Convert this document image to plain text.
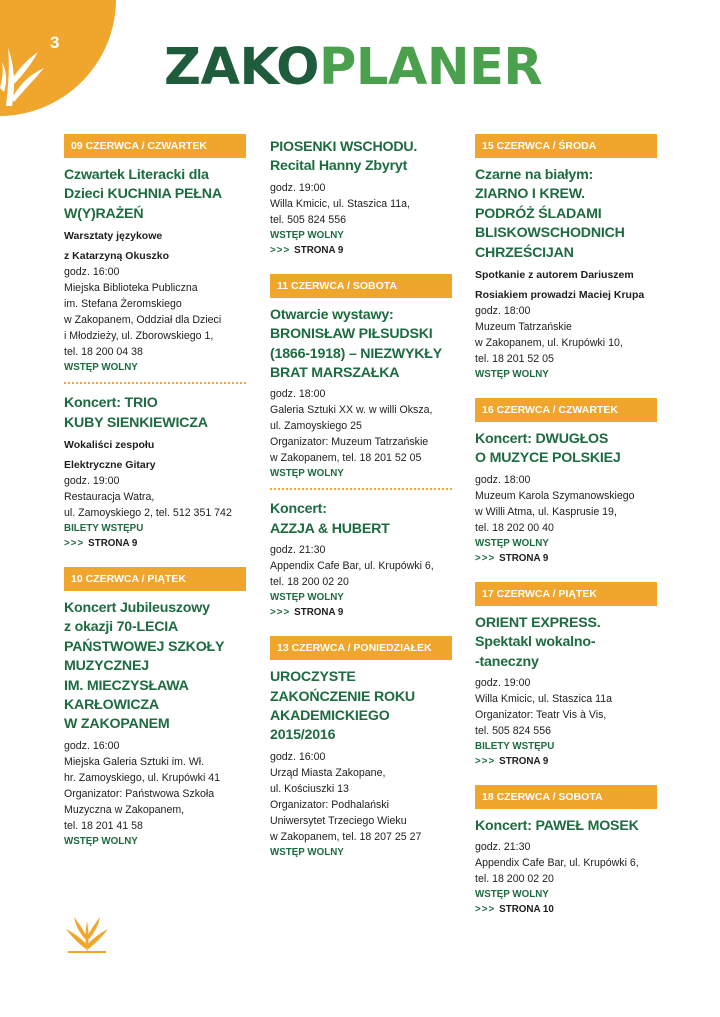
3 ZAKOPLANER
09 CZERWCA / CZWARTEK
Czwartek Literacki dla
Dzieci KUCHNIA PEŁNA
W(Y)RAŻEŃ
Warsztaty językowe
z Katarzyną Okuszko
godz. 16:00
Miejska Biblioteka Publiczna
im. Stefana Żeromskiego
w Zakopanem, Oddział dla Dzieci
i Młodzieży, ul. Zborowskiego 1,
tel. 18 200 04 38
WSTĘP WOLNY
Koncert: TRIO
KUBY SIENKIEWICZA
Wokaliści zespołu
Elektryczne Gitary
godz. 19:00
Restauracja Watra,
ul. Zamoyskiego 2, tel. 512 351 742
BILETY WSTĘPU
>>> STRONA 9
10 CZERWCA / PIĄTEK
Koncert Jubileuszowy
z okazji 70-LECIA
PAŃSTWOWEJ SZKOŁY
MUZYCZNEJ
IM. MIECZYSŁAWA
KARŁOWICZA
W ZAKOPANEM
godz. 16:00
Miejska Galeria Sztuki im. Wł.
hr. Zamoyskiego, ul. Krupówki 41
Organizator: Państwowa Szkoła
Muzyczna w Zakopanem,
tel. 18 201 41 58
WSTĘP WOLNY
PIOSENKI WSCHODU.
Recital Hanny Zbyryt
godz. 19:00
Willa Kmicic, ul. Staszica 11a,
tel. 505 824 556
WSTĘP WOLNY
>>> STRONA 9
11 CZERWCA / SOBOTA
Otwarcie wystawy:
BRONISŁAW PIŁSUDSKI
(1866-1918) – NIEZWYKŁY
BRAT MARSZAŁKA
godz. 18:00
Galeria Sztuki XX w. w willi Oksza,
ul. Zamoyskiego 25
Organizator: Muzeum Tatrzańskie
w Zakopanem, tel. 18 201 52 05
WSTĘP WOLNY
Koncert:
AZZJA & HUBERT
godz. 21:30
Appendix Cafe Bar, ul. Krupówki 6,
tel. 18 200 02 20
WSTĘP WOLNY
>>> STRONA 9
13 CZERWCA / PONIEDZIAŁEK
UROCZYSTE
ZAKOŃCZENIE ROKU
AKADEMICKIEGO
2015/2016
godz. 16:00
Urząd Miasta Zakopane,
ul. Kościuszki 13
Organizator: Podhalański
Uniwersytet Trzeciego Wieku
w Zakopanem, tel. 18 207 25 27
WSTĘP WOLNY
15 CZERWCA / ŚRODA
Czarne na białym:
ZIARNO I KREW.
PODRÓŻ ŚLADAMI
BLISKOWSCHODNICH
CHRZEŚCIJAN
Spotkanie z autorem Dariuszem
Rosiakiem prowadzi Maciej Krupa
godz. 18:00
Muzeum Tatrzańskie
w Zakopanem, ul. Krupówki 10,
tel. 18 201 52 05
WSTĘP WOLNY
16 CZERWCA / CZWARTEK
Koncert: DWUGŁOS
O MUZYCE POLSKIEJ
godz. 18:00
Muzeum Karola Szymanowskiego
w Willi Atma, ul. Kasprusie 19,
tel. 18 202 00 40
WSTĘP WOLNY
>>> STRONA 9
17 CZERWCA / PIĄTEK
ORIENT EXPRESS.
Spektakl wokalno-
-taneczny
godz. 19:00
Willa Kmicic, ul. Staszica 11a
Organizator: Teatr Vis à Vis,
tel. 505 824 556
BILETY WSTĘPU
>>> STRONA 9
18 CZERWCA / SOBOTA
Koncert: PAWEŁ MOSEK
godz. 21:30
Appendix Cafe Bar, ul. Krupówki 6,
tel. 18 200 02 20
WSTĘP WOLNY
>>> STRONA 10
